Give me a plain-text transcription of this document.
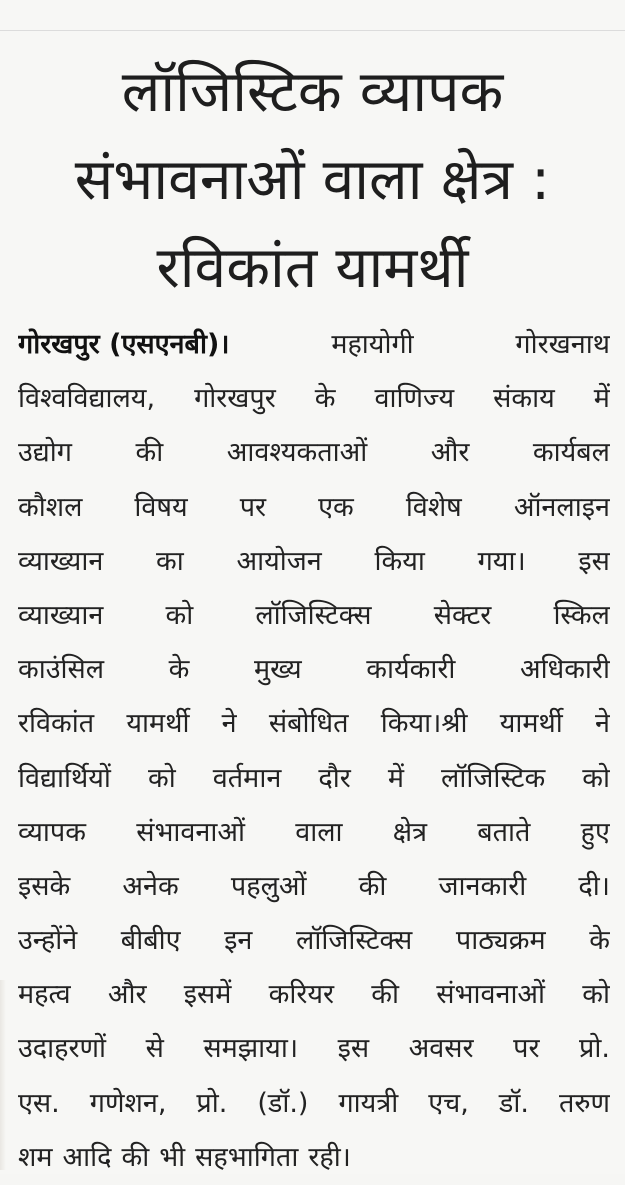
लॉजिस्टिक व्यापक
संभावनाओं वाला क्षेत्र :
रविकांत यामर्थी
गोरखपुर (एसएनबी)।	महायोगी	गोरखनाथ
विश्वविद्यालय, गोरखपुर के वाणिज्य संकाय में
उद्योग की आवश्यकताओं और कार्यबल
कौशल विषय पर एक विशेष ऑनलाइन
व्याख्यान का आयोजन किया गया। इस
व्याख्यान को लॉजिस्टिक्स सेक्टर स्किल
काउंसिल के मुख्य कार्यकारी अधिकारी
रविकांत यामर्थी ने संबोधित किया।श्री यामर्थी ने
विद्यार्थियों को वर्तमान दौर में लॉजिस्टिक को
व्यापक संभावनाओं वाला क्षेत्र बताते हुए
इसके अनेक पहलुओं की जानकारी दी।
उन्होंने बीबीए इन लॉजिस्टिक्स पाठ्यक्रम के
महत्व और इसमें करियर की संभावनाओं को
उदाहरणों से समझाया। इस अवसर पर प्रो.
एस. गणेशन, प्रो. (डॉ.) गायत्री एच, डॉ. तरुण
शम आदि की भी सहभागिता रही।
